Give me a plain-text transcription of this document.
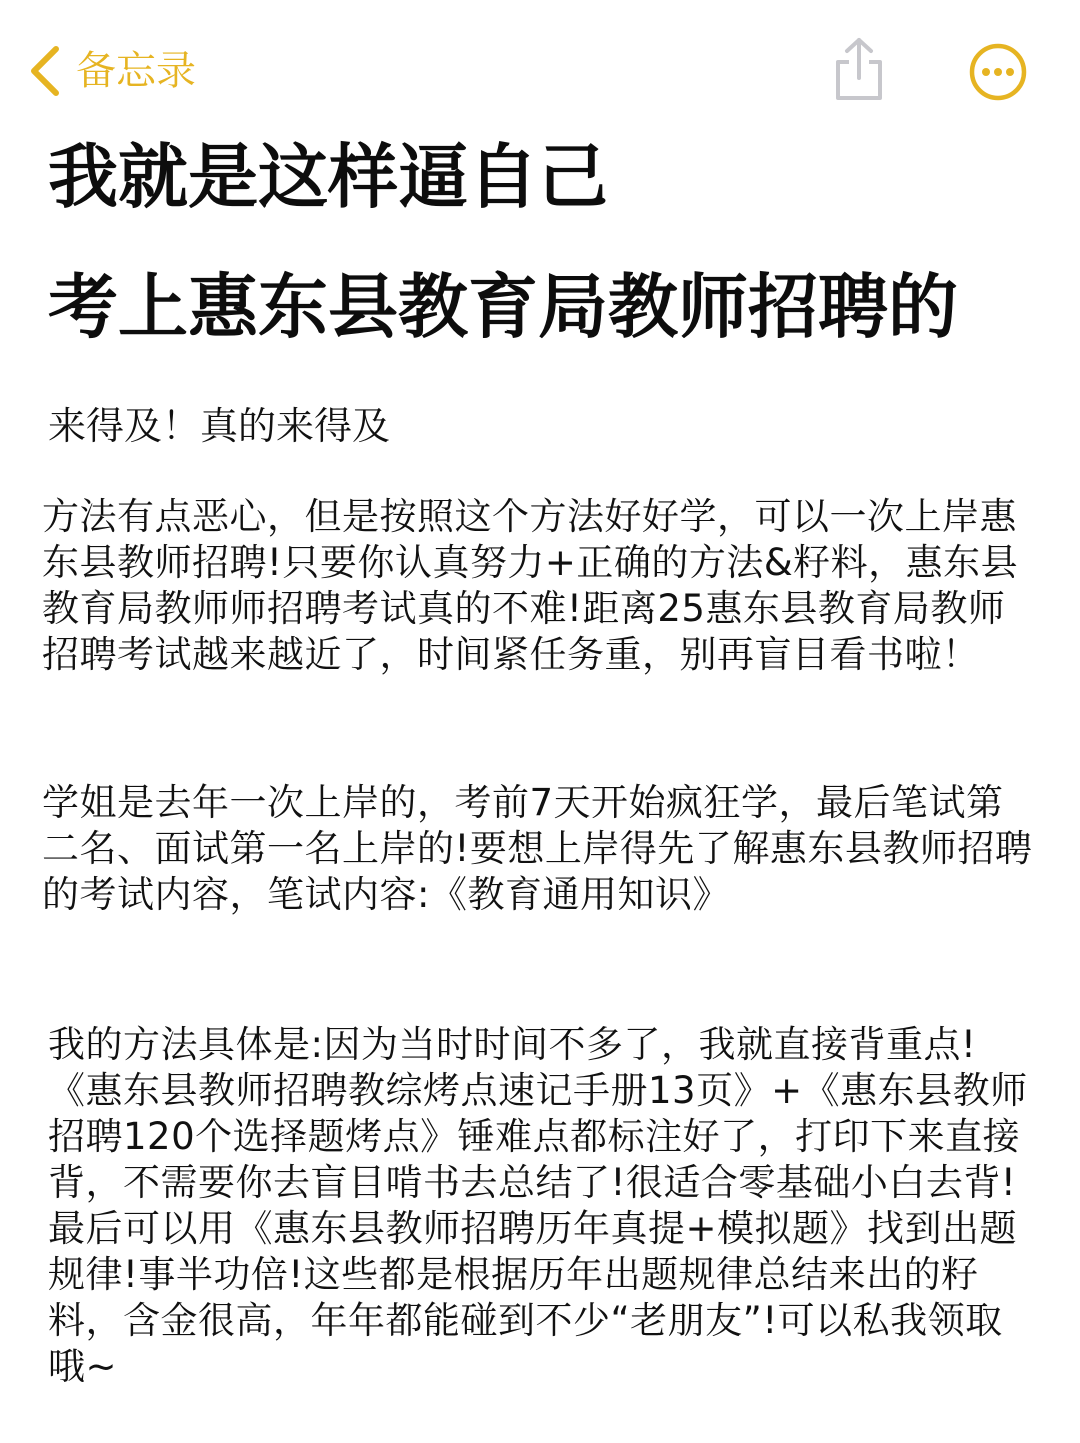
备忘录
我就是这样逼自己
考上惠东县教育局教师招聘的
来得及！真的来得及

方法有点恶心，但是按照这个方法好好学，可以一次上岸惠东县教师招聘!只要你认真努力+正确的方法&籽料，惠东县教育局教师师招聘考试真的不难!距离25惠东县教育局教师招聘考试越来越近了，时间紧任务重，别再盲目看书啦！

学姐是去年一次上岸的，考前7天开始疯狂学，最后笔试第二名、面试第一名上岸的!要想上岸得先了解惠东县教师招聘的考试内容，笔试内容:《教育通用知识》

我的方法具体是:因为当时时间不多了，我就直接背重点!《惠东县教师招聘教综烤点速记手册13页》+《惠东县教师招聘120个选择题烤点》锤难点都标注好了，打印下来直接背，不需要你去盲目啃书去总结了!很适合零基础小白去背!最后可以用《惠东县教师招聘历年真提+模拟题》找到出题规律!事半功倍!这些都是根据历年出题规律总结来出的籽料，含金很高，年年都能碰到不少“老朋友”!可以私我领取哦~
